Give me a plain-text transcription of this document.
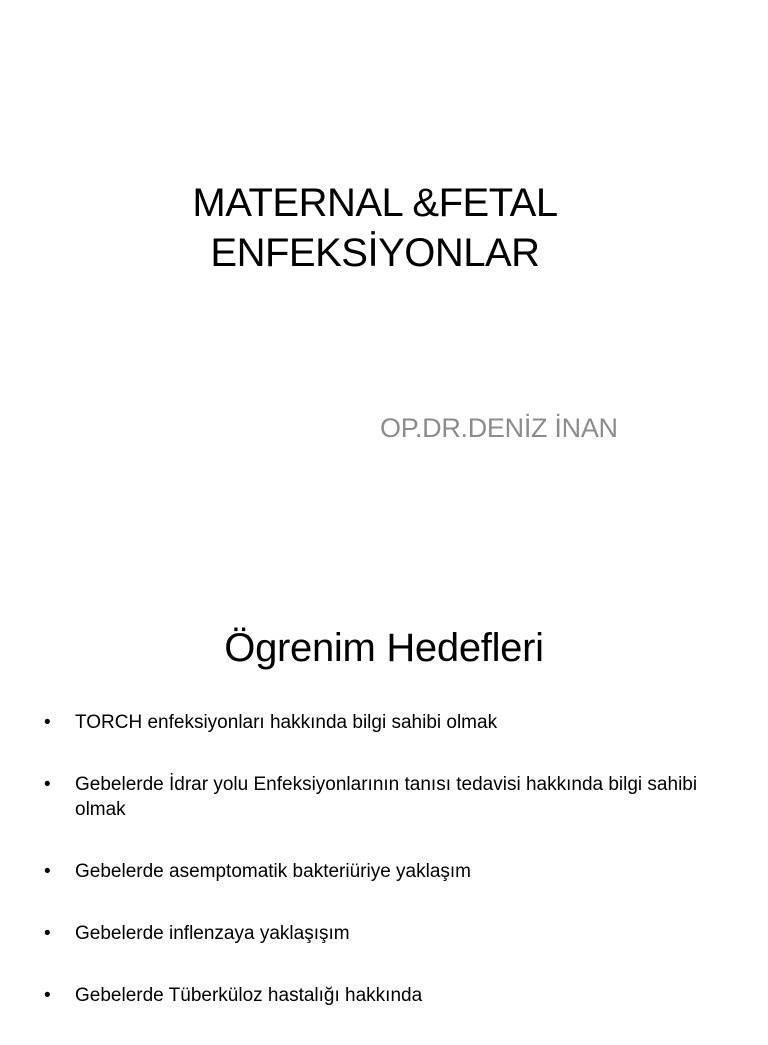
MATERNAL &FETAL
ENFEKSİYONLAR
OP.DR.DENİZ İNAN
Ögrenim Hedefleri
• TORCH enfeksiyonları hakkında bilgi sahibi olmak
• Gebelerde İdrar yolu Enfeksiyonlarının tanısı tedavisi hakkında bilgi sahibi olmak
• Gebelerde asemptomatik bakteriüriye yaklaşım
• Gebelerde inflenzaya yaklaşışım
• Gebelerde Tüberküloz hastalığı hakkında
